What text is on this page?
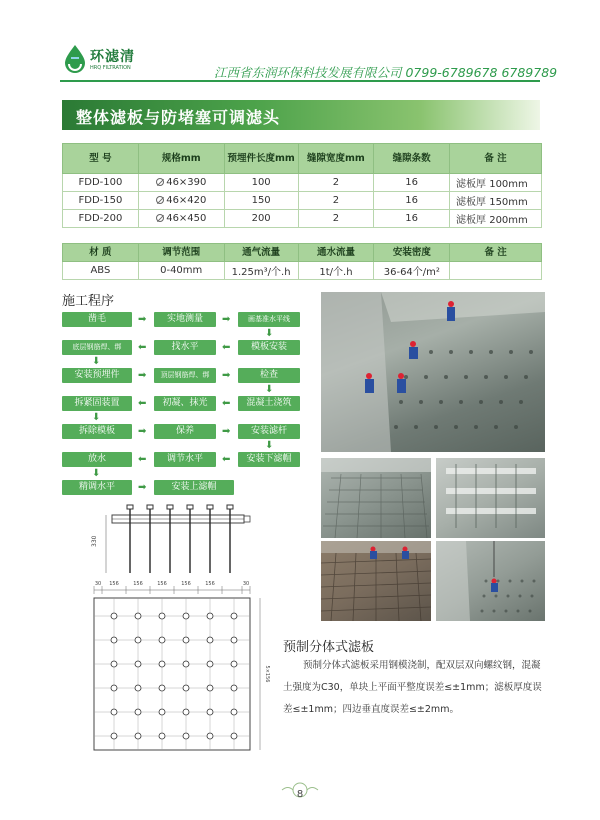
环滤清
HRQ FILTRATION	江西省东润环保科技发展有限公司 0799-6789678 6789789
整体滤板与防堵塞可调滤头
型 号	规格mm	预埋件长度mm	缝隙宽度mm	缝隙条数	备 注
FDD-100	46×390	100	2	16	滤板厚 100mm
FDD-150	46×420	150	2	16	滤板厚 150mm
FDD-200	46×450	200	2	16	滤板厚 200mm
材 质	调节范围	通气流量	通水流量	安装密度	备 注
ABS	0-40mm	1.25m³/个.h	1t/个.h	36-64个/m²	
施工程序
凿毛	➡	实地测量	➡	画基准水平线
⬇
底层钢筋焊、绑	⬅	找水平	⬅	模板安装
⬇
安装预埋件	➡	顶层钢筋焊、绑	➡	检查
⬇
拆紧固装置	⬅	初凝、抹光	⬅	混凝土浇筑
⬇
拆除模板	➡	保养	➡	安装滤杆
⬇
放水	⬅	调节水平	⬅	安装下滤帽
⬇
精调水平	➡	安装上滤帽
330
30 156	156	156	156	156	30
5×156
预制分体式滤板

预制分体式滤板采用钢模浇制，配双层双向螺纹钢，混凝土强度为C30，单块上平面平整度误差≤±1mm；滤板厚度误差≤±1mm；四边垂直度误差≤±2mm。

8
